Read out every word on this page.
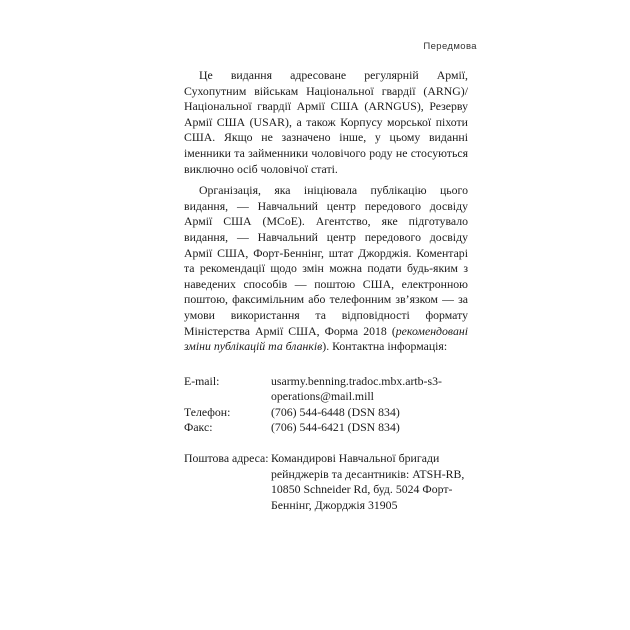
Передмова

Це видання адресоване регулярній Армії, Сухопутним військам Національної гвардії (ARNG)/Національної гвардії Армії США (ARNGUS), Резерву Армії США (USAR), а також Корпусу морської піхоти США. Якщо не зазначено інше, у цьому виданні іменники та займенники чоловічого роду не стосуються виключно осіб чоловічої статі.

Організація, яка ініціювала публікацію цього видання, — Навчальний центр передового досвіду Армії США (MCoE). Агентство, яке підготувало видання, — Навчальний центр передового досвіду Армії США, Форт-Беннінг, штат Джорджія. Коментарі та рекомендації щодо змін можна подати будь-яким з наведених способів — поштою США, електронною поштою, факсимільним або телефонним зв’язком — за умови використання та відповідності формату Міністерства Армії США, Форма 2018 (рекомендовані зміни публікацій та бланків). Контактна інформація:

E-mail:	usarmy.benning.tradoc.mbx.artb-s3-operations@mail.mill
Телефон:	(706) 544-6448 (DSN 834)
Факс:	(706) 544-6421 (DSN 834)
Поштова адреса: Командирові Навчальної бригади рейнджерів та десантників: ATSH-RB, 10850 Schneider Rd, буд. 5024 Форт-Беннінг, Джорджія 31905
